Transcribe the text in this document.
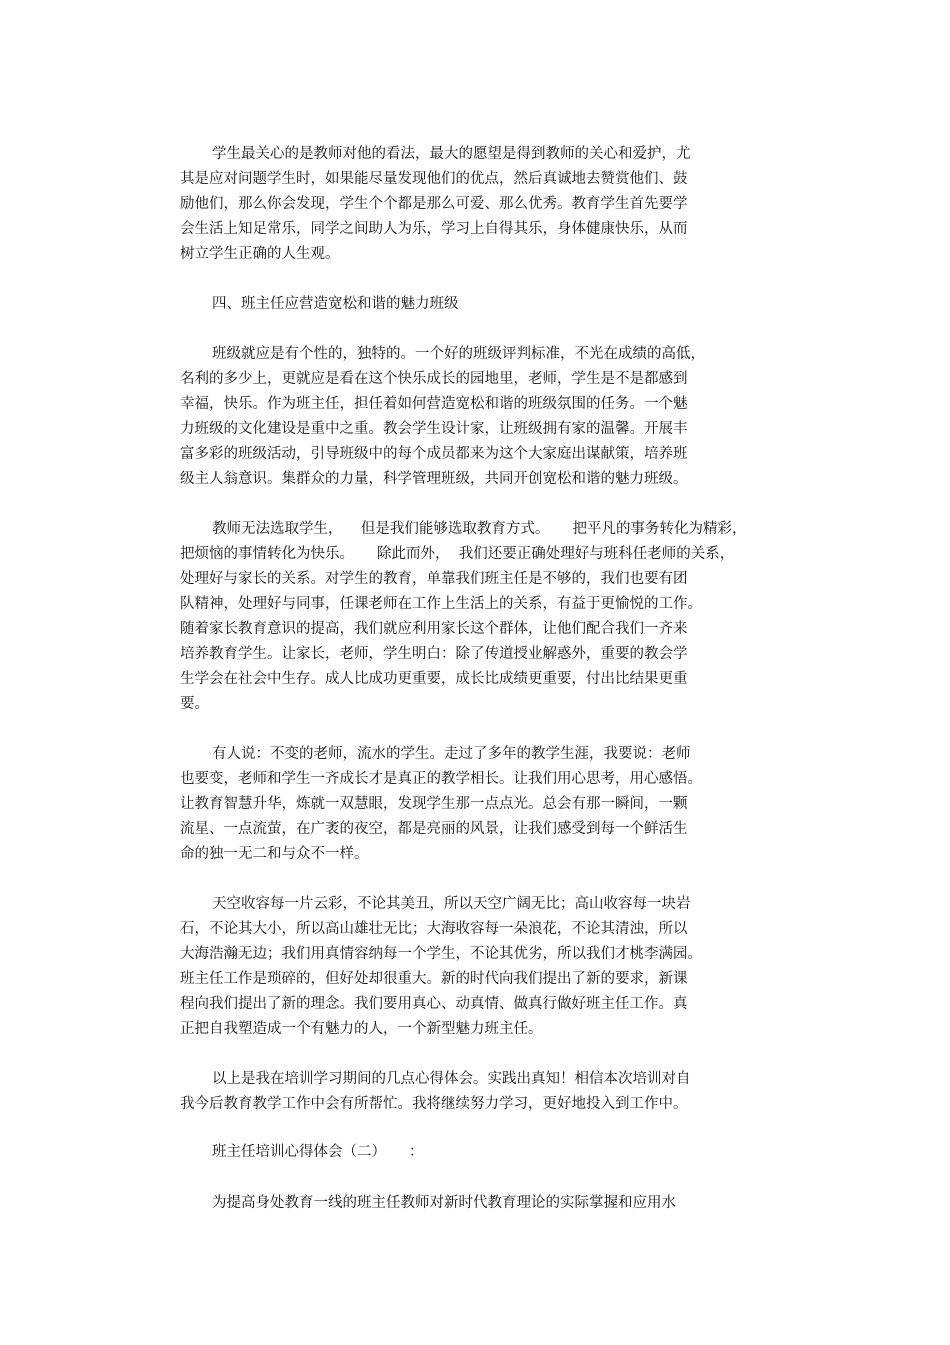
学生最关心的是教师对他的看法，最大的愿望是得到教师的关心和爱护，尤
其是应对问题学生时，如果能尽量发现他们的优点，然后真诚地去赞赏他们、鼓
励他们，那么你会发现，学生个个都是那么可爱、那么优秀。教育学生首先要学
会生活上知足常乐，同学之间助人为乐，学习上自得其乐，身体健康快乐，从而
树立学生正确的人生观。
四、班主任应营造宽松和谐的魅力班级
班级就应是有个性的，独特的。一个好的班级评判标准，不光在成绩的高低，
名利的多少上，更就应是看在这个快乐成长的园地里，老师，学生是不是都感到
幸福，快乐。作为班主任，担任着如何营造宽松和谐的班级氛围的任务。一个魅
力班级的文化建设是重中之重。教会学生设计家，让班级拥有家的温馨。开展丰
富多彩的班级活动，引导班级中的每个成员都来为这个大家庭出谋献策，培养班
级主人翁意识。集群众的力量，科学管理班级，共同开创宽松和谐的魅力班级。
教师无法选取学生，    但是我们能够选取教育方式。     把平凡的事务转化为精彩，
把烦恼的事情转化为快乐。     除此而外，  我们还要正确处理好与班科任老师的关系，
处理好与家长的关系。对学生的教育，单靠我们班主任是不够的，我们也要有团
队精神，处理好与同事，任课老师在工作上生活上的关系，有益于更愉悦的工作。
随着家长教育意识的提高，我们就应利用家长这个群体，让他们配合我们一齐来
培养教育学生。让家长，老师，学生明白：除了传道授业解惑外，重要的教会学
生学会在社会中生存。成人比成功更重要，成长比成绩更重要，付出比结果更重
要。
有人说：不变的老师，流水的学生。走过了多年的教学生涯，我要说：老师
也要变，老师和学生一齐成长才是真正的教学相长。让我们用心思考，用心感悟。
让教育智慧升华，炼就一双慧眼，发现学生那一点点光。总会有那一瞬间，一颗
流星、一点流萤，在广袤的夜空，都是亮丽的风景，让我们感受到每一个鲜活生
命的独一无二和与众不一样。
天空收容每一片云彩，不论其美丑，所以天空广阔无比；高山收容每一块岩
石，不论其大小，所以高山雄壮无比；大海收容每一朵浪花，不论其清浊，所以
大海浩瀚无边；我们用真情容纳每一个学生，不论其优劣，所以我们才桃李满园。
班主任工作是琐碎的，但好处却很重大。新的时代向我们提出了新的要求，新课
程向我们提出了新的理念。我们要用真心、动真情、做真行做好班主任工作。真
正把自我塑造成一个有魅力的人，一个新型魅力班主任。
以上是我在培训学习期间的几点心得体会。实践出真知！相信本次培训对自
我今后教育教学工作中会有所帮忙。我将继续努力学习，更好地投入到工作中。
班主任培训心得体会（二）     ：
为提高身处教育一线的班主任教师对新时代教育理论的实际掌握和应用水
